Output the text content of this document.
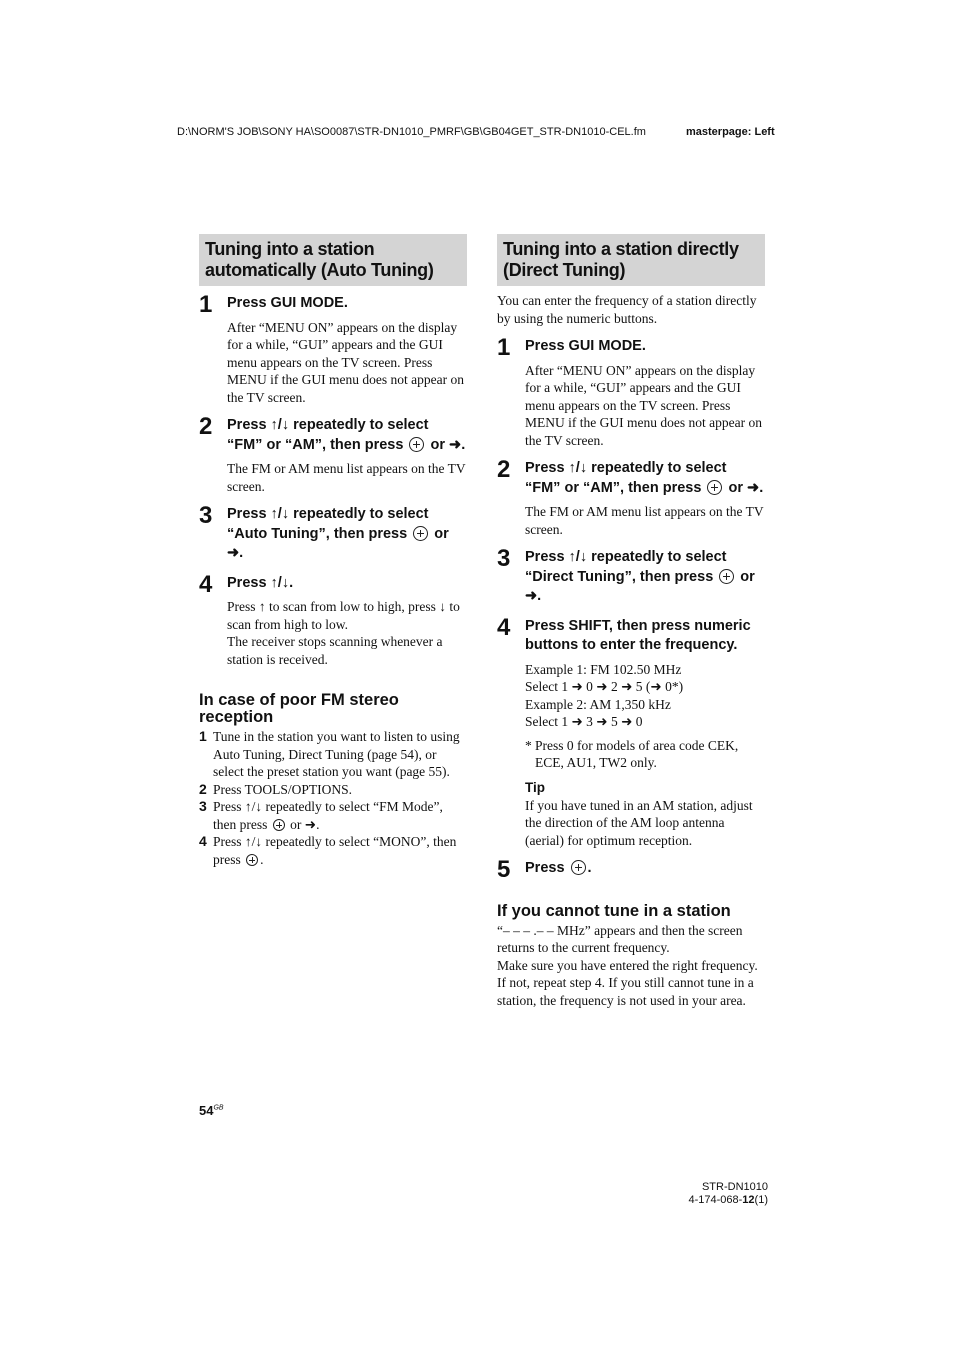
D:\NORM'S JOB\SONY HA\SO0087\STR-DN1010_PMRF\GB\GB04GET_STR-DN1010-CEL.fm	masterpage: Left
Tuning into a station
automatically (Auto Tuning)
1 Press GUI MODE.
After “MENU ON” appears on the display for a while, “GUI” appears and the GUI menu appears on the TV screen. Press MENU if the GUI menu does not appear on the TV screen.
2 Press ↑/↓ repeatedly to select “FM” or “AM”, then press  or ➜.
The FM or AM menu list appears on the TV screen.
3 Press ↑/↓ repeatedly to select “Auto Tuning”, then press  or ➜.
4 Press ↑/↓.
Press ↑ to scan from low to high, press ↓ to scan from high to low.
The receiver stops scanning whenever a station is received.
In case of poor FM stereo reception
1 Tune in the station you want to listen to using Auto Tuning, Direct Tuning (page 54), or select the preset station you want (page 55).
2 Press TOOLS/OPTIONS.
3 Press ↑/↓ repeatedly to select “FM Mode”, then press  or ➜.
4 Press ↑/↓ repeatedly to select “MONO”, then press .
Tuning into a station directly
(Direct Tuning)
You can enter the frequency of a station directly by using the numeric buttons.
1 Press GUI MODE.
After “MENU ON” appears on the display for a while, “GUI” appears and the GUI menu appears on the TV screen. Press MENU if the GUI menu does not appear on the TV screen.
2 Press ↑/↓ repeatedly to select “FM” or “AM”, then press  or ➜.
The FM or AM menu list appears on the TV screen.
3 Press ↑/↓ repeatedly to select “Direct Tuning”, then press  or ➜.
4 Press SHIFT, then press numeric buttons to enter the frequency.
Example 1: FM 102.50 MHz
Select 1 ➜ 0 ➜ 2 ➜ 5 (➜ 0*)
Example 2: AM 1,350 kHz
Select 1 ➜ 3 ➜ 5 ➜ 0
* Press 0 for models of area code CEK, ECE, AU1, TW2 only.
Tip
If you have tuned in an AM station, adjust the direction of the AM loop antenna (aerial) for optimum reception.
5 Press .
If you cannot tune in a station
“– – – .– – MHz” appears and then the screen returns to the current frequency.
Make sure you have entered the right frequency. If not, repeat step 4. If you still cannot tune in a station, the frequency is not used in your area.
$54^{GB}$
STR-DN1010
4-174-068-12(1)
